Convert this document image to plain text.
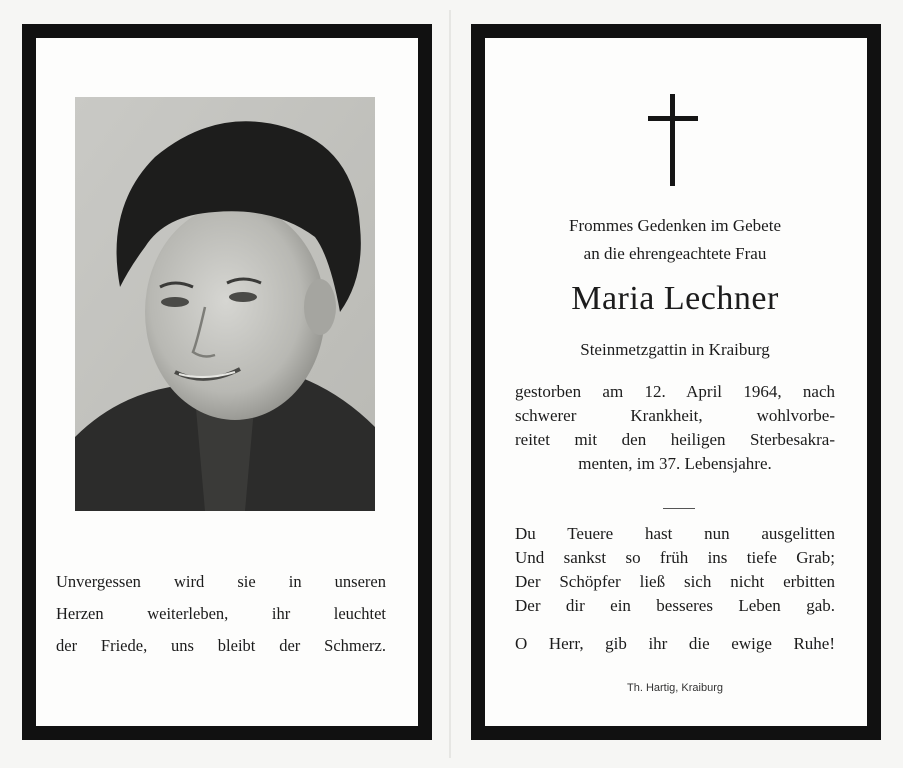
Unvergessen wird sie in unseren
Herzen weiterleben, ihr leuchtet
der Friede, uns bleibt der Schmerz.
Frommes Gedenken im Gebete
an die ehrengeachtete Frau
Maria Lechner
Steinmetzgattin in Kraiburg
gestorben am 12. April 1964, nach
schwerer Krankheit, wohlvorbe-
reitet mit den heiligen Sterbesakra-
menten, im 37. Lebensjahre.
Du Teuere hast nun ausgelitten
Und sankst so früh ins tiefe Grab;
Der Schöpfer ließ sich nicht erbitten
Der dir ein besseres Leben gab.
O Herr, gib ihr die ewige Ruhe!
Th. Hartig, Kraiburg
